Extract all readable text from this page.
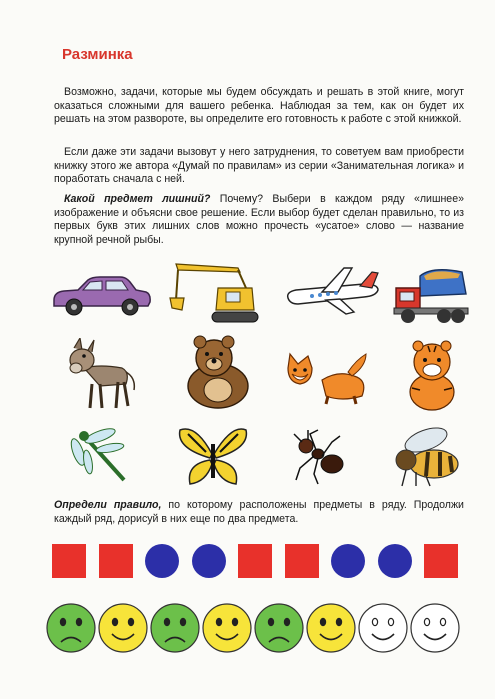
Разминка
Возможно, задачи, которые мы будем обсуждать и решать в этой книге, могут оказаться сложными для вашего ребенка. Наблюдая за тем, как он будет их решать на этом развороте, вы определите его готовность к работе с этой книжкой.
Если даже эти задачи вызовут у него затруднения, то советуем вам приобрести книжку этого же автора «Думай по правилам» из серии «Занимательная логика» и поработать сначала с ней.
Какой предмет лишний? Почему? Выбери в каждом ряду «лишнее» изображение и объясни свое решение. Если выбор будет сделан правильно, то из первых букв этих лишних слов можно прочесть «усатое» слово — название крупной речной рыбы.
Определи правило, по которому расположены предметы в ряду. Продолжи каждый ряд, дорисуй в них еще по два предмета.
